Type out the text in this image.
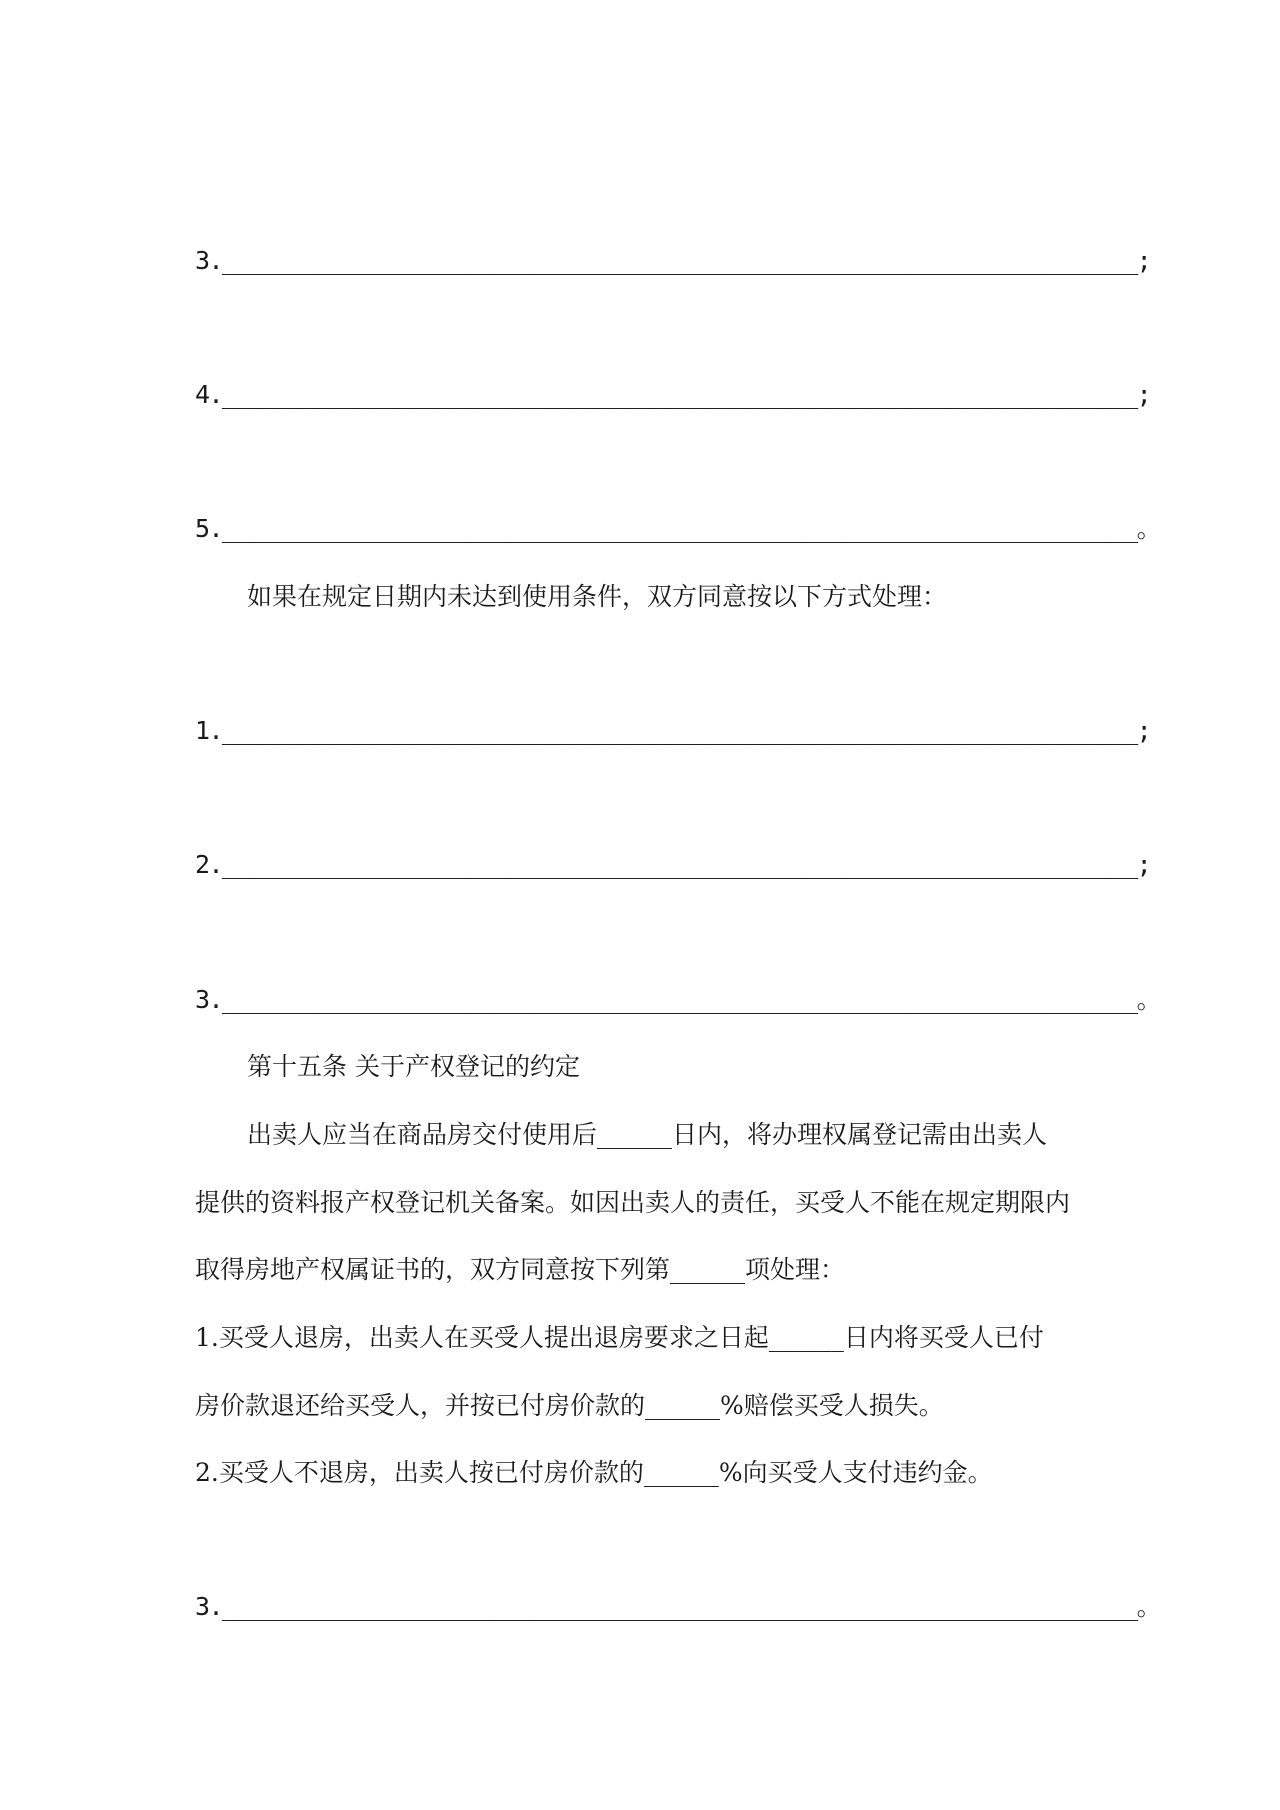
3.____________________________________________________________________;
4.____________________________________________________________________;
5.____________________________________________________________________。
如果在规定日期内未达到使用条件，双方同意按以下方式处理：
1.____________________________________________________________________;
2.____________________________________________________________________;
3.____________________________________________________________________。
第十五条 关于产权登记的约定
出卖人应当在商品房交付使用后______日内，将办理权属登记需由出卖人
提供的资料报产权登记机关备案。如因出卖人的责任，买受人不能在规定期限内
取得房地产权属证书的，双方同意按下列第______项处理：
1.买受人退房，出卖人在买受人提出退房要求之日起______日内将买受人已付
房价款退还给买受人，并按已付房价款的______%赔偿买受人损失。
2.买受人不退房，出卖人按已付房价款的______%向买受人支付违约金。
3.____________________________________________________________________。
